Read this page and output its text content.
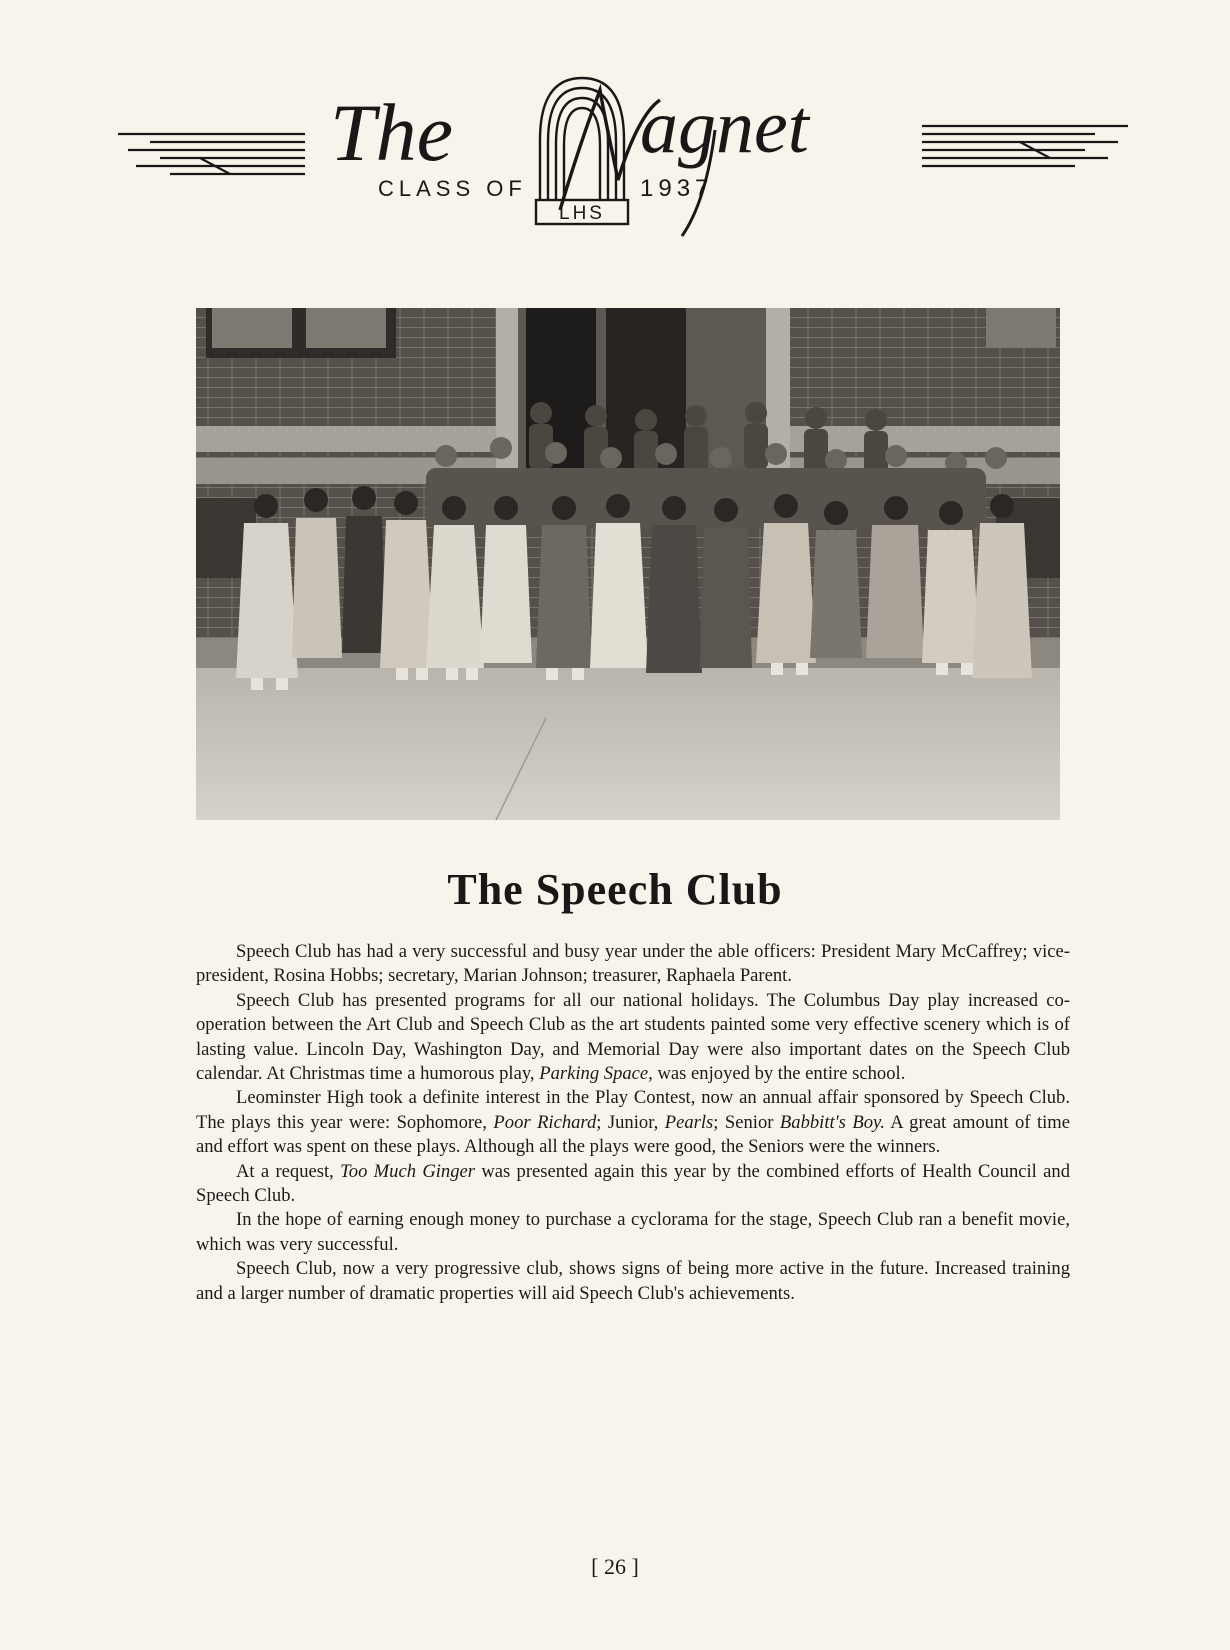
The agnet
CLASS OF	1937
LHS
The Speech Club

Speech Club has had a very successful and busy year under the able officers: President Mary McCaffrey; vice-president, Rosina Hobbs; secretary, Marian Johnson; treasurer, Raphaela Parent.

Speech Club has presented programs for all our national holidays. The Columbus Day play increased co-operation between the Art Club and Speech Club as the art students painted some very effective scenery which is of lasting value. Lincoln Day, Washington Day, and Memorial Day were also important dates on the Speech Club calendar. At Christmas time a humorous play, Parking Space, was enjoyed by the entire school.

Leominster High took a definite interest in the Play Contest, now an annual affair sponsored by Speech Club. The plays this year were: Sophomore, Poor Richard; Junior, Pearls; Senior Babbitt's Boy. A great amount of time and effort was spent on these plays. Although all the plays were good, the Seniors were the winners.

At a request, Too Much Ginger was presented again this year by the combined efforts of Health Council and Speech Club.

In the hope of earning enough money to purchase a cyclorama for the stage, Speech Club ran a benefit movie, which was very successful.

Speech Club, now a very progressive club, shows signs of being more active in the future. Increased training and a larger number of dramatic properties will aid Speech Club's achievements.

[ 26 ]
